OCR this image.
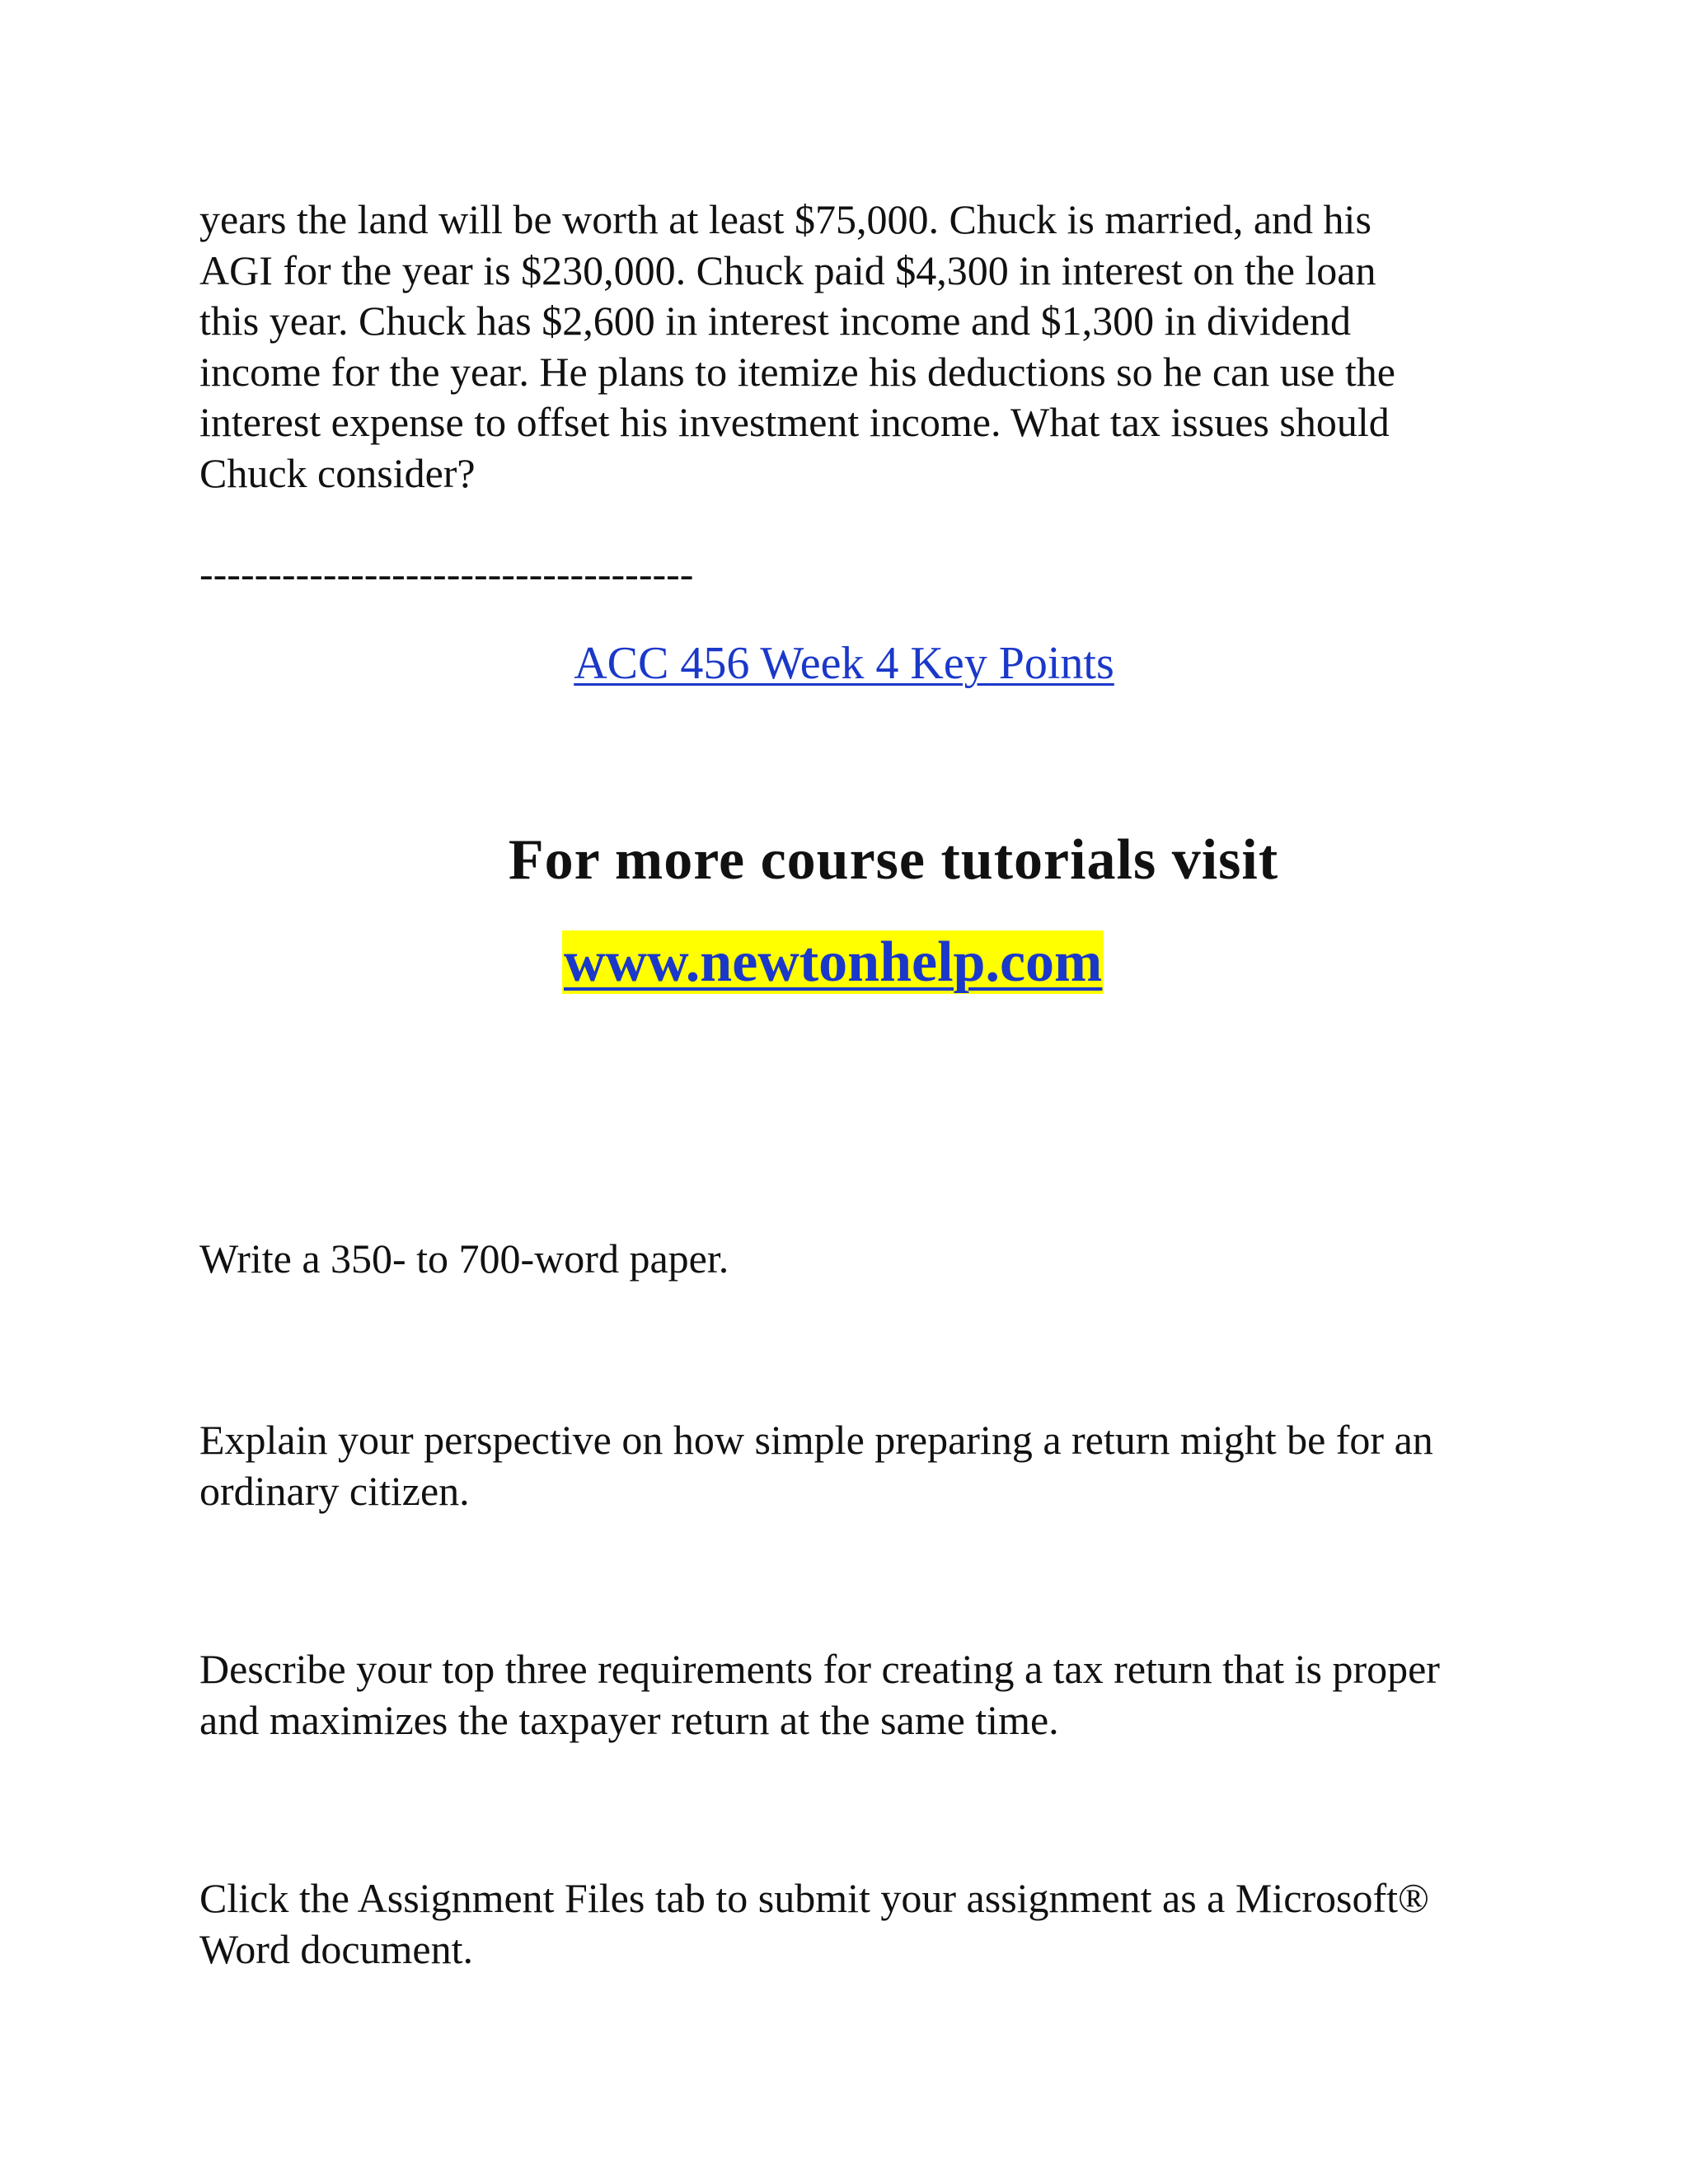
years the land will be worth at least $75,000. Chuck is married, and his
AGI for the year is $230,000. Chuck paid $4,300 in interest on the loan
this year. Chuck has $2,600 in interest income and $1,300 in dividend
income for the year. He plans to itemize his deductions so he can use the
interest expense to offset his investment income. What tax issues should
Chuck consider?

------------------------------------

ACC 456 Week 4 Key Points

For more course tutorials visit

www.newtonhelp.com

Write a 350- to 700-word paper.

Explain your perspective on how simple preparing a return might be for an ordinary citizen.

Describe your top three requirements for creating a tax return that is proper and maximizes the taxpayer return at the same time.

Click the Assignment Files tab to submit your assignment as a Microsoft® Word document.
